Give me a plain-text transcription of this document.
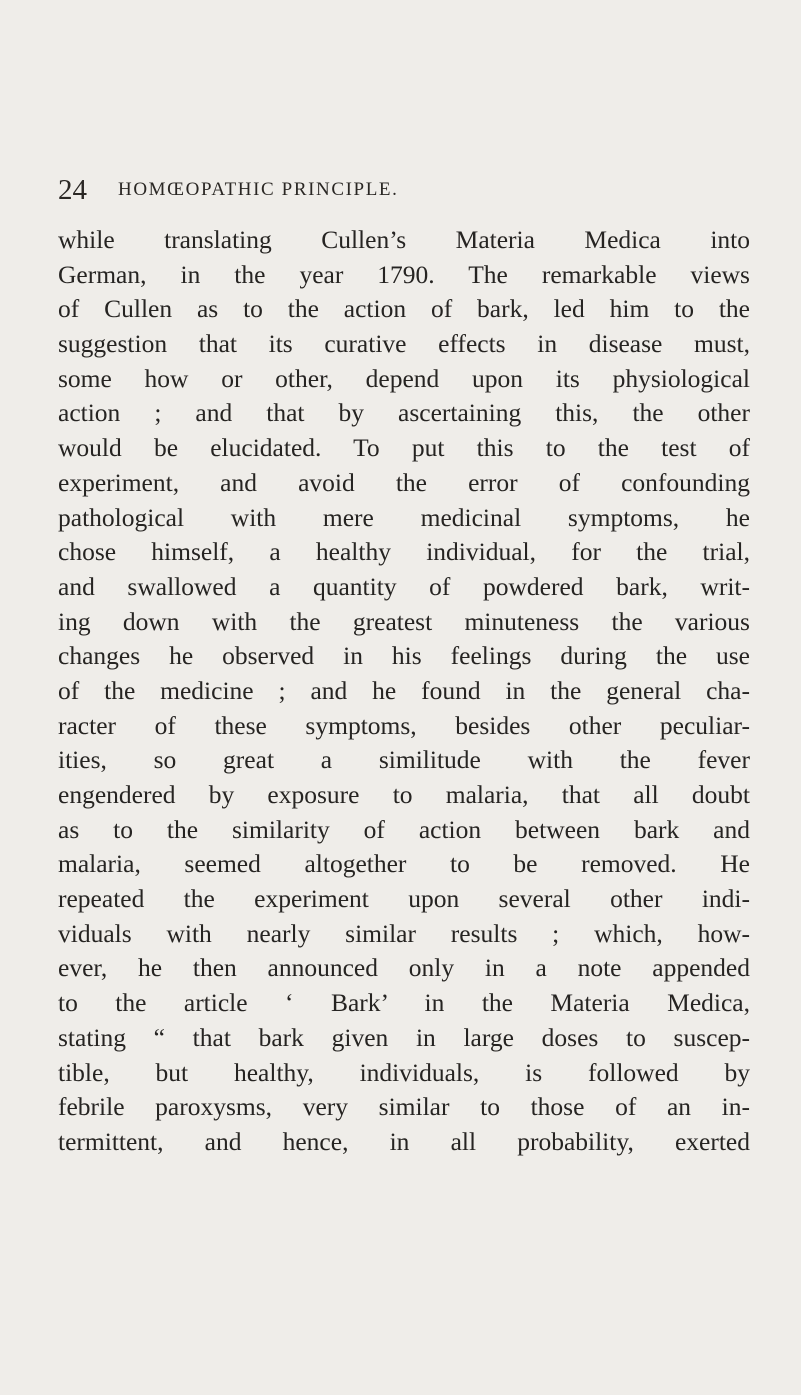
24 HOMŒOPATHIC PRINCIPLE.
while translating Cullen’s Materia Medica into
German, in the year 1790. The remarkable views
of Cullen as to the action of bark, led him to the
suggestion that its curative effects in disease must,
some how or other, depend upon its physiological
action ; and that by ascertaining this, the other
would be elucidated. To put this to the test of
experiment, and avoid the error of confounding
pathological with mere medicinal symptoms, he
chose himself, a healthy individual, for the trial,
and swallowed a quantity of powdered bark, writ-
ing down with the greatest minuteness the various
changes he observed in his feelings during the use
of the medicine ; and he found in the general cha-
racter of these symptoms, besides other peculiar-
ities, so great a similitude with the fever
engendered by exposure to malaria, that all doubt
as to the similarity of action between bark and
malaria, seemed altogether to be removed. He
repeated the experiment upon several other indi-
viduals with nearly similar results ; which, how-
ever, he then announced only in a note appended
to the article ‘ Bark’ in the Materia Medica,
stating “ that bark given in large doses to suscep-
tible, but healthy, individuals, is followed by
febrile paroxysms, very similar to those of an in-
termittent, and hence, in all probability, exerted
